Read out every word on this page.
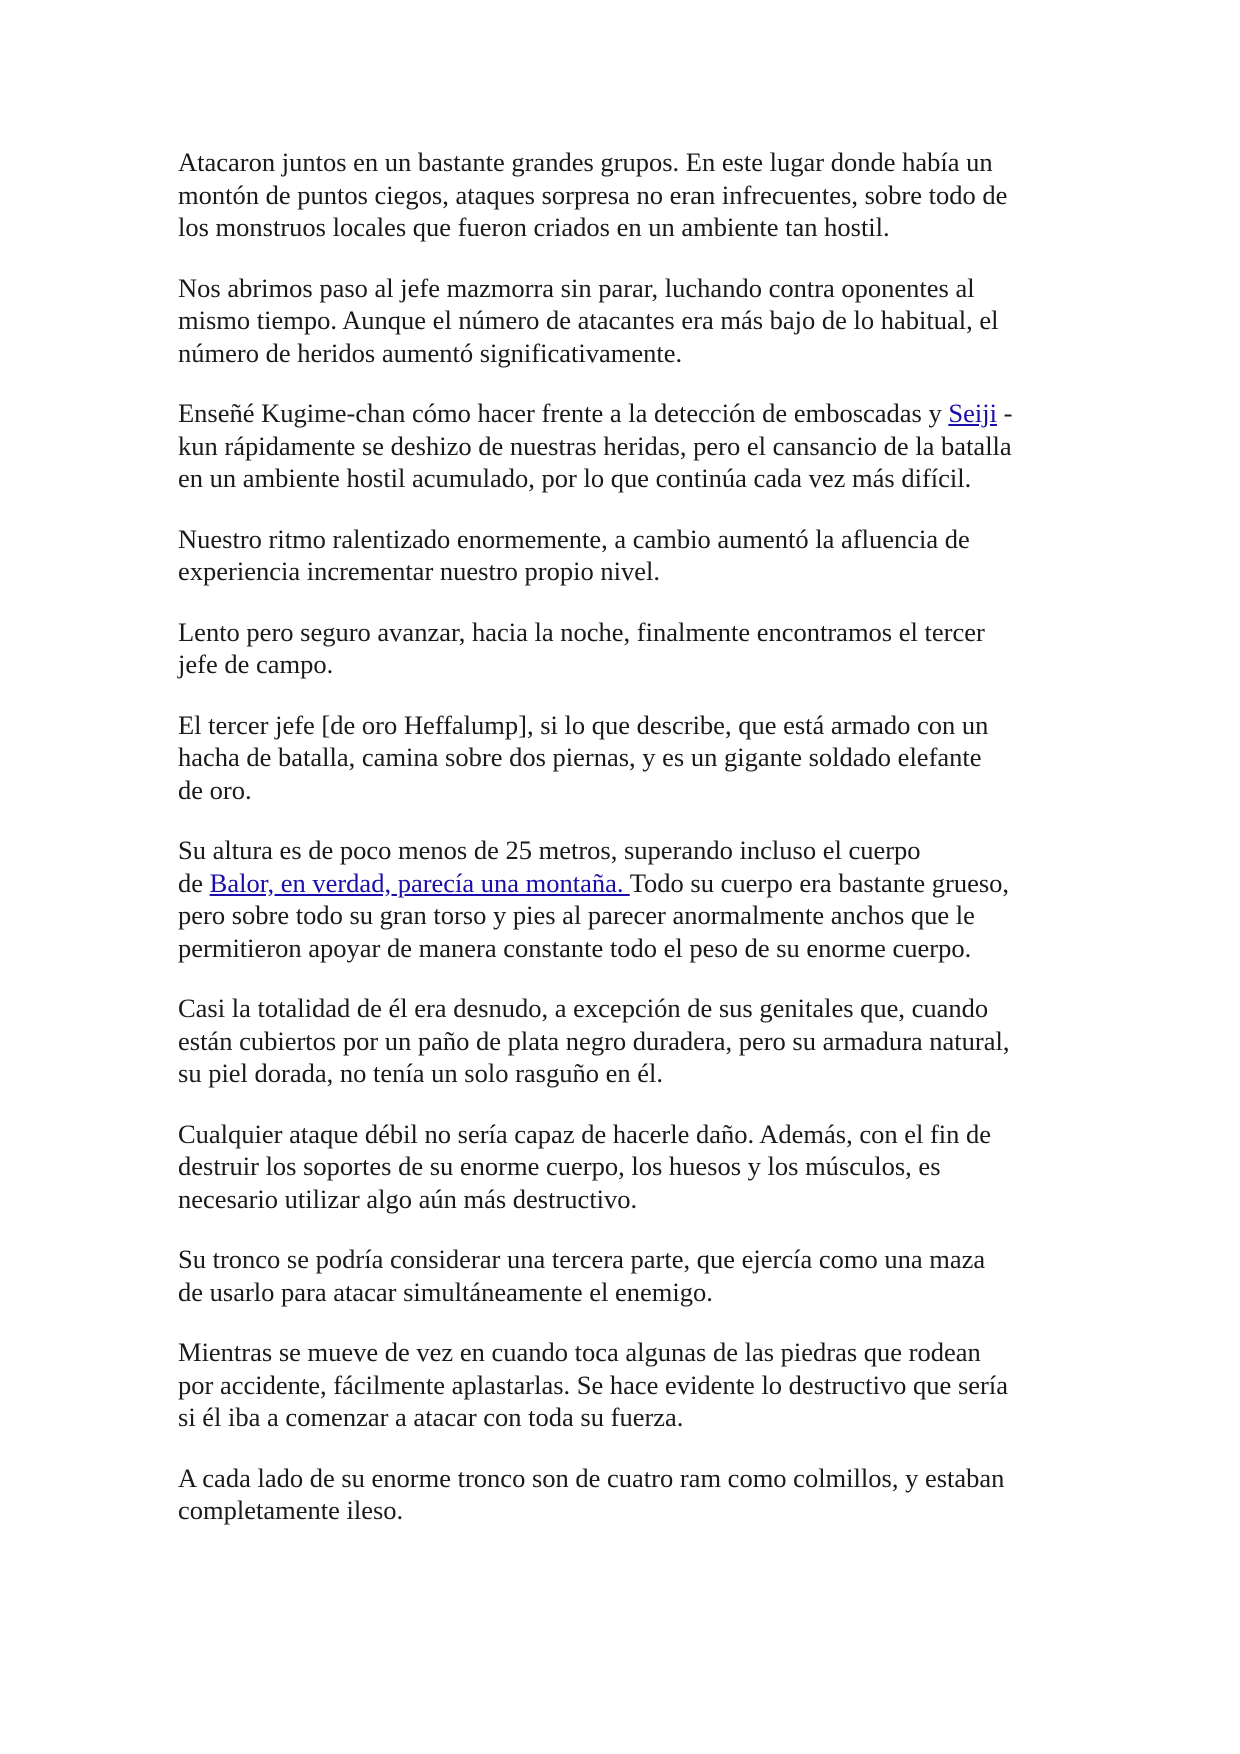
Atacaron juntos en un bastante grandes grupos. En este lugar donde había un
montón de puntos ciegos, ataques sorpresa no eran infrecuentes, sobre todo de
los monstruos locales que fueron criados en un ambiente tan hostil.

Nos abrimos paso al jefe mazmorra sin parar, luchando contra oponentes al
mismo tiempo. Aunque el número de atacantes era más bajo de lo habitual, el
número de heridos aumentó significativamente.

Enseñé Kugime-chan cómo hacer frente a la detección de emboscadas y Seiji -
kun rápidamente se deshizo de nuestras heridas, pero el cansancio de la batalla
en un ambiente hostil acumulado, por lo que continúa cada vez más difícil.

Nuestro ritmo ralentizado enormemente, a cambio aumentó la afluencia de
experiencia incrementar nuestro propio nivel.

Lento pero seguro avanzar, hacia la noche, finalmente encontramos el tercer
jefe de campo.

El tercer jefe [de oro Heffalump], si lo que describe, que está armado con un
hacha de batalla, camina sobre dos piernas, y es un gigante soldado elefante
de oro.

Su altura es de poco menos de 25 metros, superando incluso el cuerpo
de Balor, en verdad, parecía una montaña. Todo su cuerpo era bastante grueso,
pero sobre todo su gran torso y pies al parecer anormalmente anchos que le
permitieron apoyar de manera constante todo el peso de su enorme cuerpo.

Casi la totalidad de él era desnudo, a excepción de sus genitales que, cuando
están cubiertos por un paño de plata negro duradera, pero su armadura natural,
su piel dorada, no tenía un solo rasguño en él.

Cualquier ataque débil no sería capaz de hacerle daño. Además, con el fin de
destruir los soportes de su enorme cuerpo, los huesos y los músculos, es
necesario utilizar algo aún más destructivo.

Su tronco se podría considerar una tercera parte, que ejercía como una maza
de usarlo para atacar simultáneamente el enemigo.

Mientras se mueve de vez en cuando toca algunas de las piedras que rodean
por accidente, fácilmente aplastarlas. Se hace evidente lo destructivo que sería
si él iba a comenzar a atacar con toda su fuerza.

A cada lado de su enorme tronco son de cuatro ram como colmillos, y estaban
completamente ileso.
